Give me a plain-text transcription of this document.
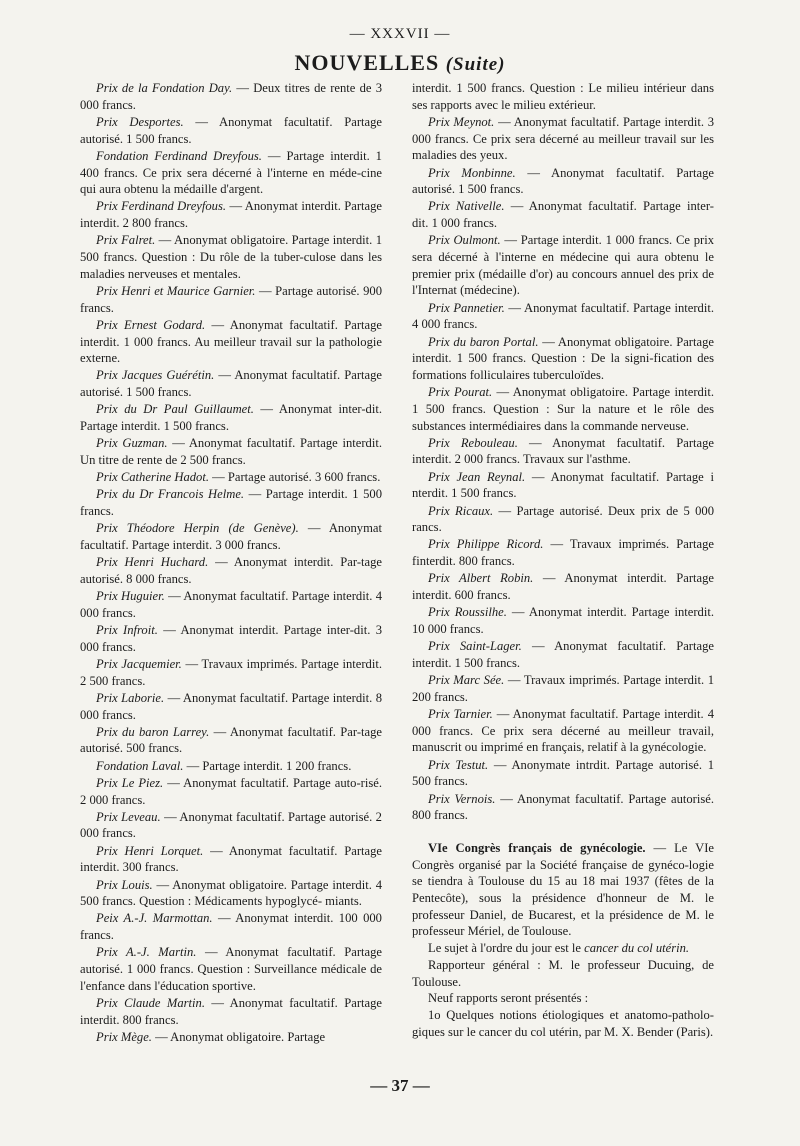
— XXXVII —
NOUVELLES (Suite)

Prix de la Fondation Day. — Deux titres de rente de 3 000 francs.

Prix Desportes. — Anonymat facultatif. Partage autorisé. 1 500 francs.

Fondation Ferdinand Dreyfous. — Partage interdit. 1 400 francs. Ce prix sera décerné à l'interne en méde-cine qui aura obtenu la médaille d'argent.

Prix Ferdinand Dreyfous. — Anonymat interdit. Partage interdit. 2 800 francs.

Prix Falret. — Anonymat obligatoire. Partage interdit. 1 500 francs. Question : Du rôle de la tuber-culose dans les maladies nerveuses et mentales.

Prix Henri et Maurice Garnier. — Partage autorisé. 900 francs.

Prix Ernest Godard. — Anonymat facultatif. Partage interdit. 1 000 francs. Au meilleur travail sur la pathologie externe.

Prix Jacques Guérétin. — Anonymat facultatif. Partage autorisé. 1 500 francs.

Prix du Dr Paul Guillaumet. — Anonymat inter-dit. Partage interdit. 1 500 francs.

Prix Guzman. — Anonymat facultatif. Partage interdit. Un titre de rente de 2 500 francs.

Prix Catherine Hadot. — Partage autorisé. 3 600 francs.

Prix du Dr Francois Helme. — Partage interdit. 1 500 francs.

Prix Théodore Herpin (de Genève). — Anonymat facultatif. Partage interdit. 3 000 francs.

Prix Henri Huchard. — Anonymat interdit. Par-tage autorisé. 8 000 francs.

Prix Huguier. — Anonymat facultatif. Partage interdit. 4 000 francs.

Prix Infroit. — Anonymat interdit. Partage inter-dit. 3 000 francs.

Prix Jacquemier. — Travaux imprimés. Partage interdit. 2 500 francs.

Prix Laborie. — Anonymat facultatif. Partage interdit. 8 000 francs.

Prix du baron Larrey. — Anonymat facultatif. Par-tage autorisé. 500 francs.

Fondation Laval. — Partage interdit. 1 200 francs.

Prix Le Piez. — Anonymat facultatif. Partage auto-risé. 2 000 francs.

Prix Leveau. — Anonymat facultatif. Partage autorisé. 2 000 francs.

Prix Henri Lorquet. — Anonymat facultatif. Partage interdit. 300 francs.

Prix Louis. — Anonymat obligatoire. Partage interdit. 4 500 francs. Question : Médicaments hypoglycé- miants.

Peix A.-J. Marmottan. — Anonymat interdit. 100 000 francs.

Prix A.-J. Martin. — Anonymat facultatif. Partage autorisé. 1 000 francs. Question : Surveillance médicale de l'enfance dans l'éducation sportive.

Prix Claude Martin. — Anonymat facultatif. Partage interdit. 800 francs.

Prix Mège. — Anonymat obligatoire. Partage

interdit. 1 500 francs. Question : Le milieu intérieur dans ses rapports avec le milieu extérieur.

Prix Meynot. — Anonymat facultatif. Partage interdit. 3 000 francs. Ce prix sera décerné au meilleur travail sur les maladies des yeux.

Prix Monbinne. — Anonymat facultatif. Partage autorisé. 1 500 francs.

Prix Nativelle. — Anonymat facultatif. Partage inter- dit. 1 000 francs.

Prix Oulmont. — Partage interdit. 1 000 francs. Ce prix sera décerné à l'interne en médecine qui aura obtenu le premier prix (médaille d'or) au concours annuel des prix de l'Internat (médecine).

Prix Pannetier. — Anonymat facultatif. Partage interdit. 4 000 francs.

Prix du baron Portal. — Anonymat obligatoire. Partage interdit. 1 500 francs. Question : De la signi-fication des formations folliculaires tuberculoïdes.

Prix Pourat. — Anonymat obligatoire. Partage interdit. 1 500 francs. Question : Sur la nature et le rôle des substances intermédiaires dans la commande nerveuse.

Prix Rebouleau. — Anonymat facultatif. Partage interdit. 2 000 francs. Travaux sur l'asthme.

Prix Jean Reynal. — Anonymat facultatif. Partage i nterdit. 1 500 francs.

Prix Ricaux. — Partage autorisé. Deux prix de 5 000 rancs.

Prix Philippe Ricord. — Travaux imprimés. Partage finterdit. 800 francs.

Prix Albert Robin. — Anonymat interdit. Partage interdit. 600 francs.

Prix Roussilhe. — Anonymat interdit. Partage interdit. 10 000 francs.

Prix Saint-Lager. — Anonymat facultatif. Partage interdit. 1 500 francs.

Prix Marc Sée. — Travaux imprimés. Partage interdit. 1 200 francs.

Prix Tarnier. — Anonymat facultatif. Partage interdit. 4 000 francs. Ce prix sera décerné au meilleur travail, manuscrit ou imprimé en français, relatif à la gynécologie.

Prix Testut. — Anonymate intrdit. Partage autorisé. 1 500 francs.

Prix Vernois. — Anonymat facultatif. Partage autorisé. 800 francs.

VIe Congrès français de gynécologie. — Le VIe Congrès organisé par la Société française de gynéco-logie se tiendra à Toulouse du 15 au 18 mai 1937 (fêtes de la Pentecôte), sous la présidence d'honneur de M. le professeur Daniel, de Bucarest, et la présidence de M. le professeur Mériel, de Toulouse.

Le sujet à l'ordre du jour est le cancer du col utérin.

Rapporteur général : M. le professeur Ducuing, de Toulouse.

Neuf rapports seront présentés :

1o Quelques notions étiologiques et anatomo-patholo- giques sur le cancer du col utérin, par M. X. Bender (Paris).

— 37 —
